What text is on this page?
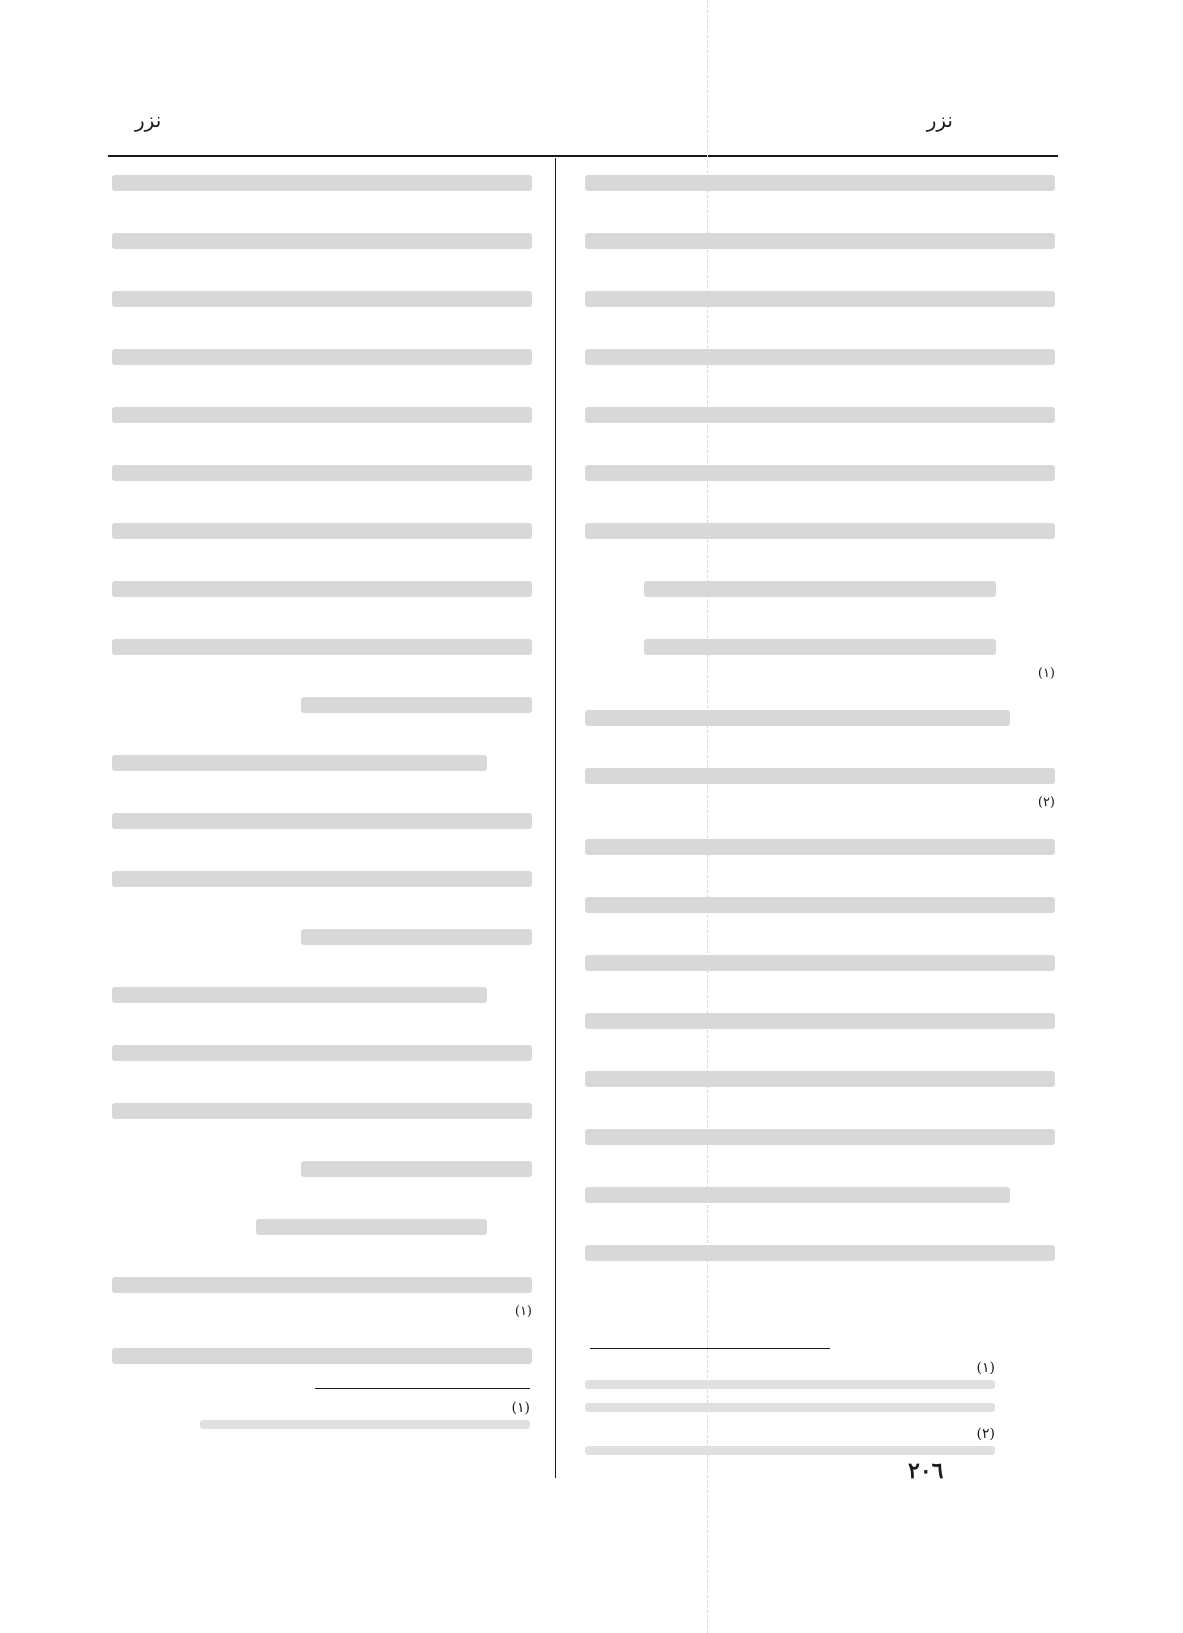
نزر
نزر
(١)
(٢)
(١)
(١)
(٢)
(١)
٢٠٦
